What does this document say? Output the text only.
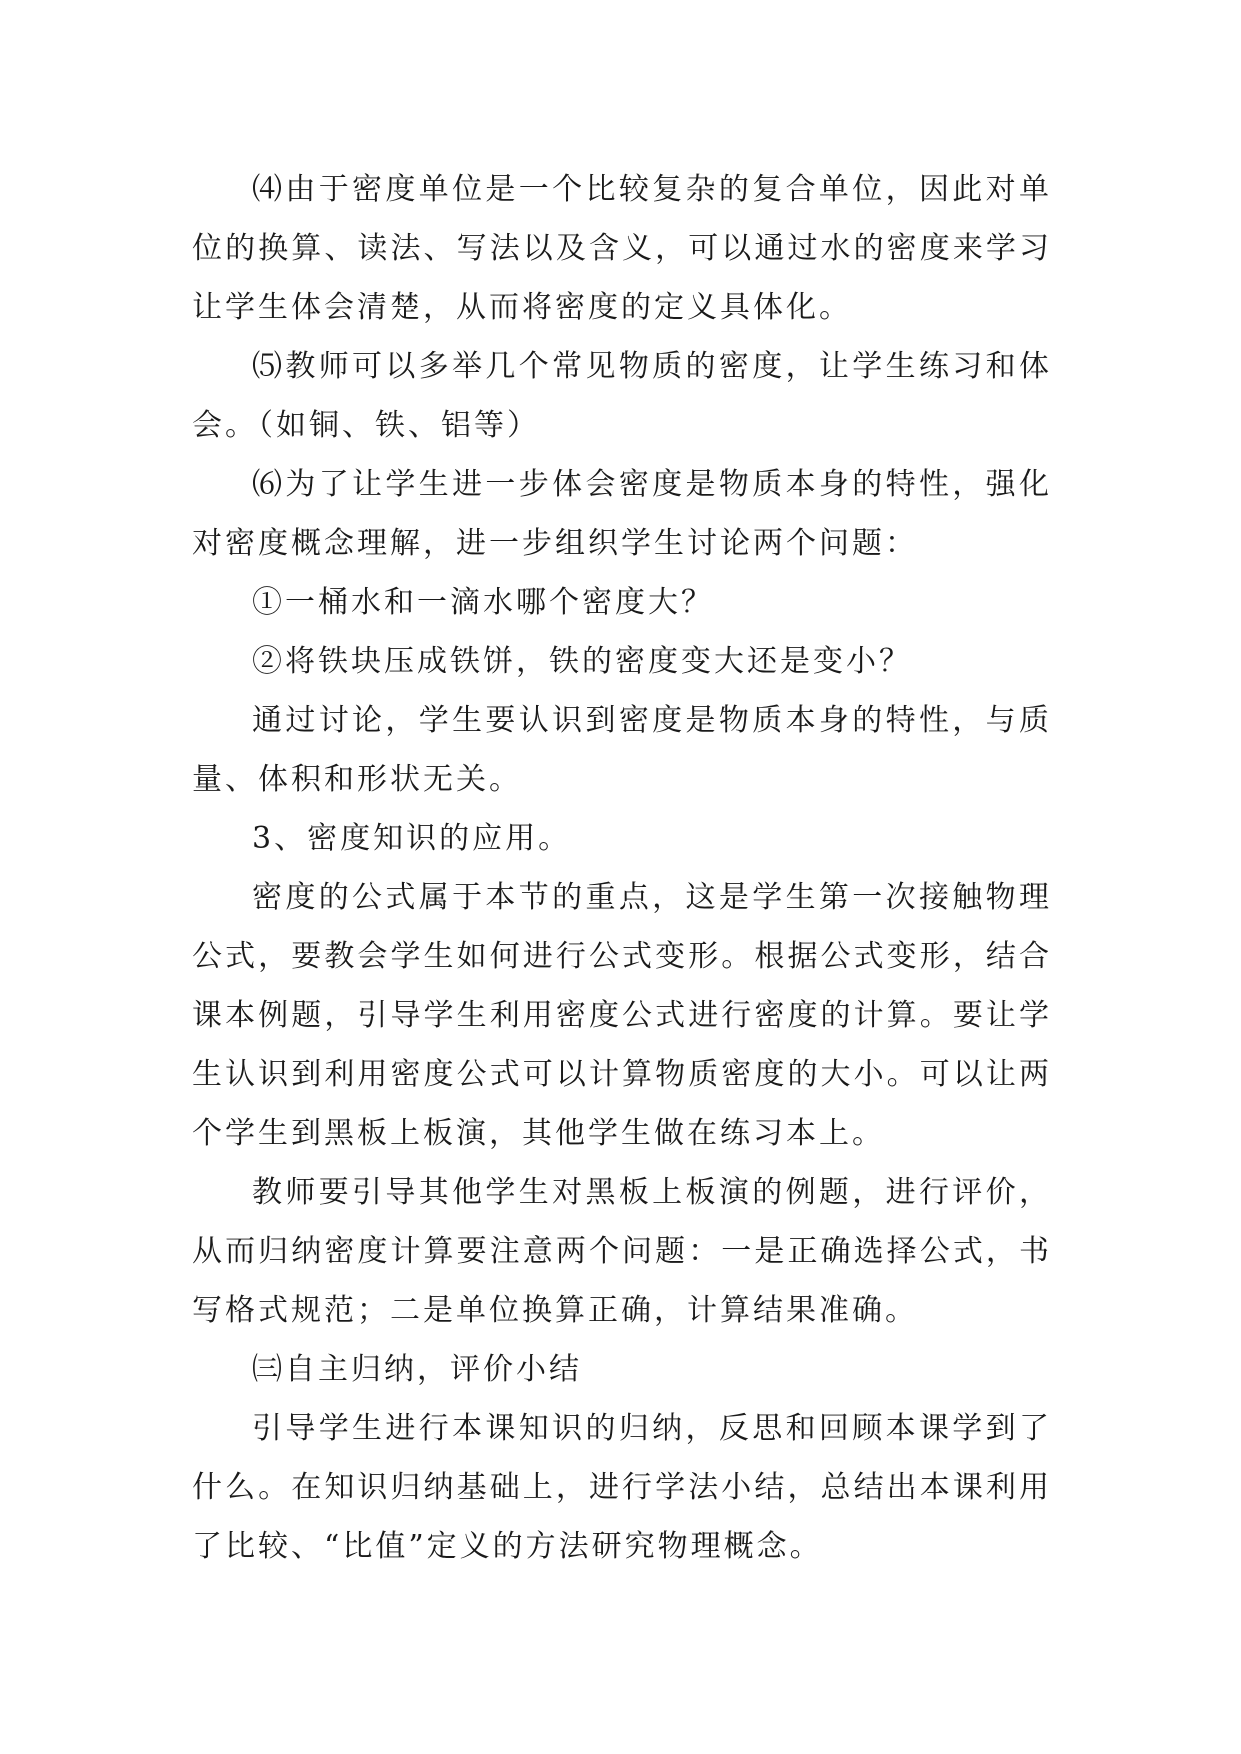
⑷由于密度单位是一个比较复杂的复合单位，因此对单位的换算、读法、写法以及含义，可以通过水的密度来学习让学生体会清楚，从而将密度的定义具体化。

⑸教师可以多举几个常见物质的密度，让学生练习和体会。（如铜、铁、铝等）

⑹为了让学生进一步体会密度是物质本身的特性，强化对密度概念理解，进一步组织学生讨论两个问题：

①一桶水和一滴水哪个密度大？

②将铁块压成铁饼，铁的密度变大还是变小？

通过讨论，学生要认识到密度是物质本身的特性，与质量、体积和形状无关。

3、密度知识的应用。

密度的公式属于本节的重点，这是学生第一次接触物理公式，要教会学生如何进行公式变形。根据公式变形，结合课本例题，引导学生利用密度公式进行密度的计算。要让学生认识到利用密度公式可以计算物质密度的大小。可以让两个学生到黑板上板演，其他学生做在练习本上。

教师要引导其他学生对黑板上板演的例题，进行评价，从而归纳密度计算要注意两个问题：一是正确选择公式，书写格式规范；二是单位换算正确，计算结果准确。

㈢自主归纳，评价小结

引导学生进行本课知识的归纳，反思和回顾本课学到了什么。在知识归纳基础上，进行学法小结，总结出本课利用了比较、“比值”定义的方法研究物理概念。
